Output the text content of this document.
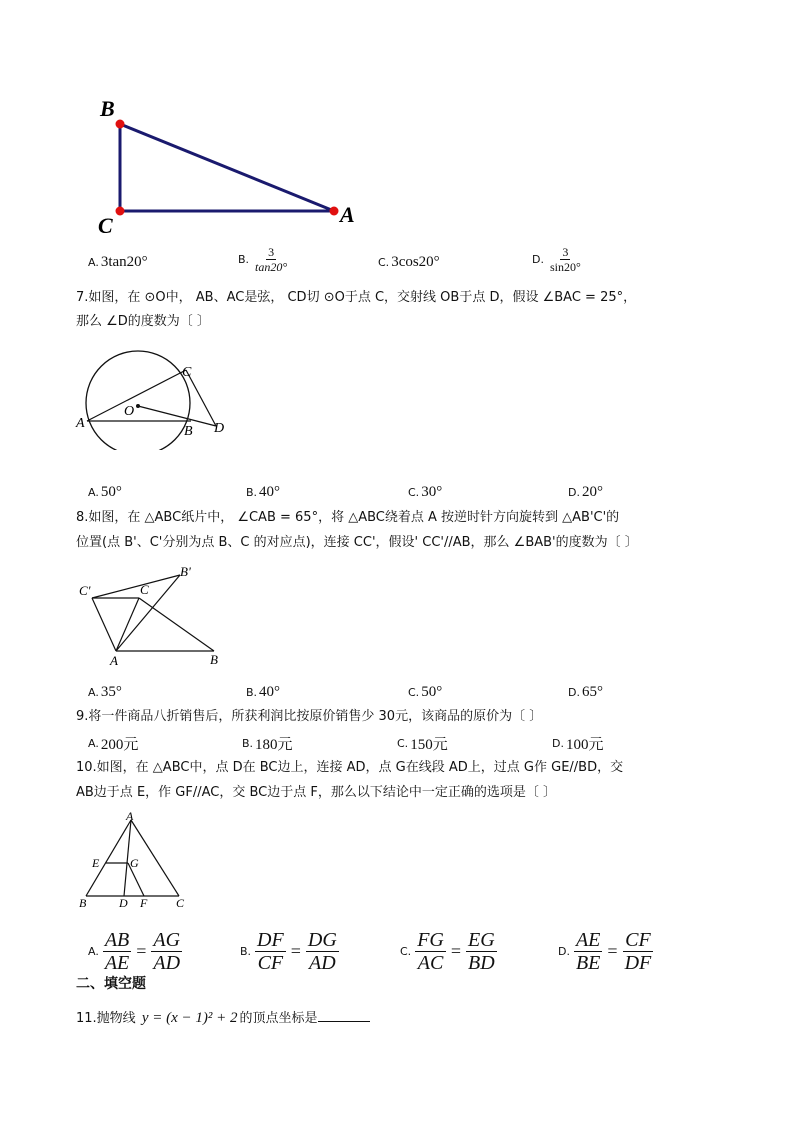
B
C	A
A. 3tan20°	B. $\frac{3}{\tan 20^\circ}$	C. 3cos20°	D. $\frac{3}{\sin 20^\circ}$
7.如图，在 ⊙O中， AB、AC是弦， CD切 ⊙O于点 C，交射线 OB于点 D，假设 ∠BAC = 25°，
那么 ∠D的度数为〔 〕
A
C
O
B D
A. 50°	B. 40°	C. 30°	D. 20°
8.如图，在 △ABC纸片中， ∠CAB = 65°，将 △ABC绕着点 A 按逆时针方向旋转到 △AB'C'的
位置(点 B'、C'分别为点 B、C 的对应点)，连接 CC'，假设' CC'//AB，那么 ∠BAB'的度数为〔 〕
C'	C
B'
A	B
A. 35°	B. 40°	C. 50°	D. 65°
9.将一件商品八折销售后，所获利润比按原价销售少 30元，该商品的原价为〔 〕
A. 200元	B. 180元	C. 150元	D. 100元
10.如图，在 △ABC中，点 D在 BC边上，连接 AD，点 G在线段 AD上，过点 G作 GE//BD，交
AB边于点 E，作 GF//AC，交 BC边于点 F，那么以下结论中一定正确的选项是〔 〕
A
E	G
B	D F C
A. $\frac{AB}{AE} = \frac{AG}{AD}$	B. $\frac{DF}{CF} = \frac{DG}{AD}$	C. $\frac{FG}{AC} = \frac{EG}{BD}$	D. $\frac{AE}{BE} = \frac{CF}{DF}$
二、填空题
11.抛物线 y = (x − 1)² + 2 的顶点坐标是
